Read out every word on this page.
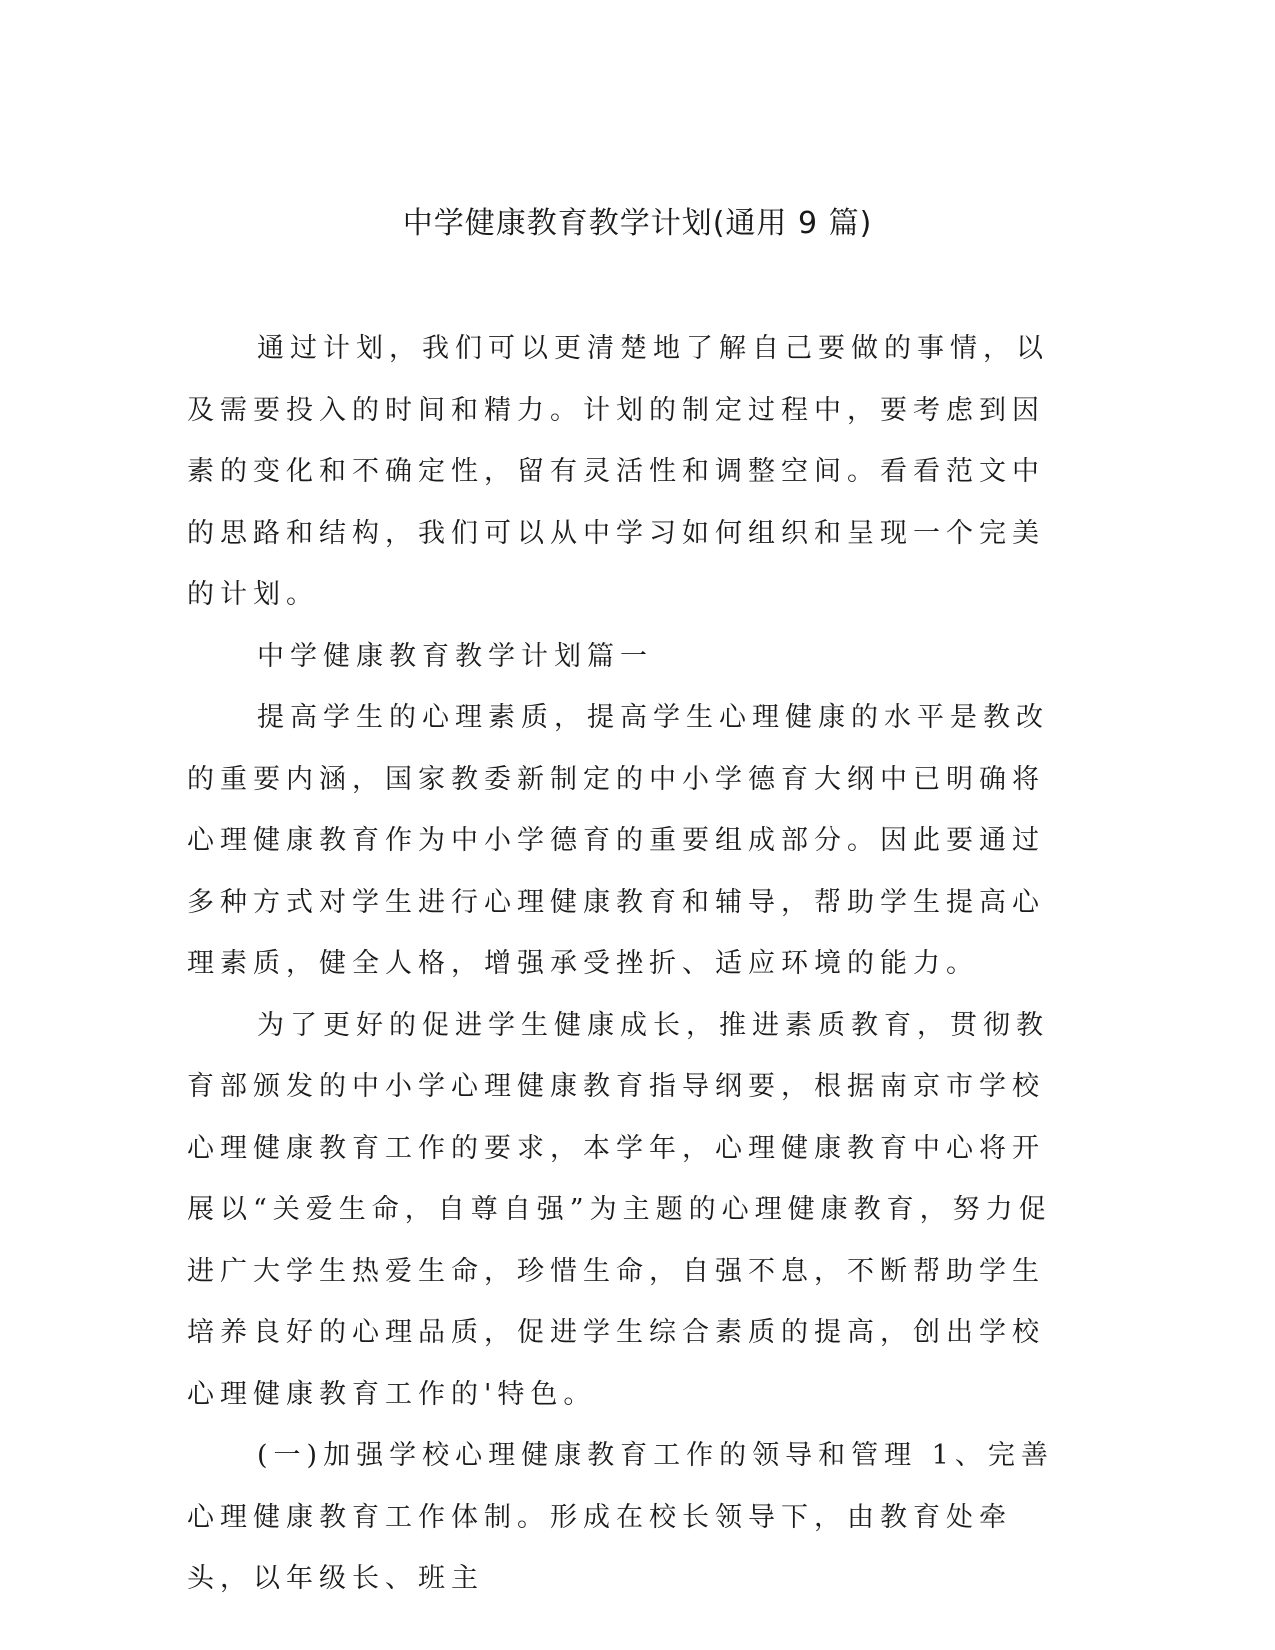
中学健康教育教学计划(通用 9 篇)

通过计划，我们可以更清楚地了解自己要做的事情，以及需要投入的时间和精力。计划的制定过程中，要考虑到因素的变化和不确定性，留有灵活性和调整空间。看看范文中的思路和结构，我们可以从中学习如何组织和呈现一个完美的计划。

中学健康教育教学计划篇一

提高学生的心理素质，提高学生心理健康的水平是教改的重要内涵，国家教委新制定的中小学德育大纲中已明确将心理健康教育作为中小学德育的重要组成部分。因此要通过多种方式对学生进行心理健康教育和辅导，帮助学生提高心理素质，健全人格，增强承受挫折、适应环境的能力。

为了更好的促进学生健康成长，推进素质教育，贯彻教育部颁发的中小学心理健康教育指导纲要，根据南京市学校心理健康教育工作的要求，本学年，心理健康教育中心将开展以“关爱生命，自尊自强”为主题的心理健康教育，努力促进广大学生热爱生命，珍惜生命，自强不息，不断帮助学生培养良好的心理品质，促进学生综合素质的提高，创出学校心理健康教育工作的'特色。

(一)加强学校心理健康教育工作的领导和管理 1、完善心理健康教育工作体制。形成在校长领导下，由教育处牵头，以年级长、班主
